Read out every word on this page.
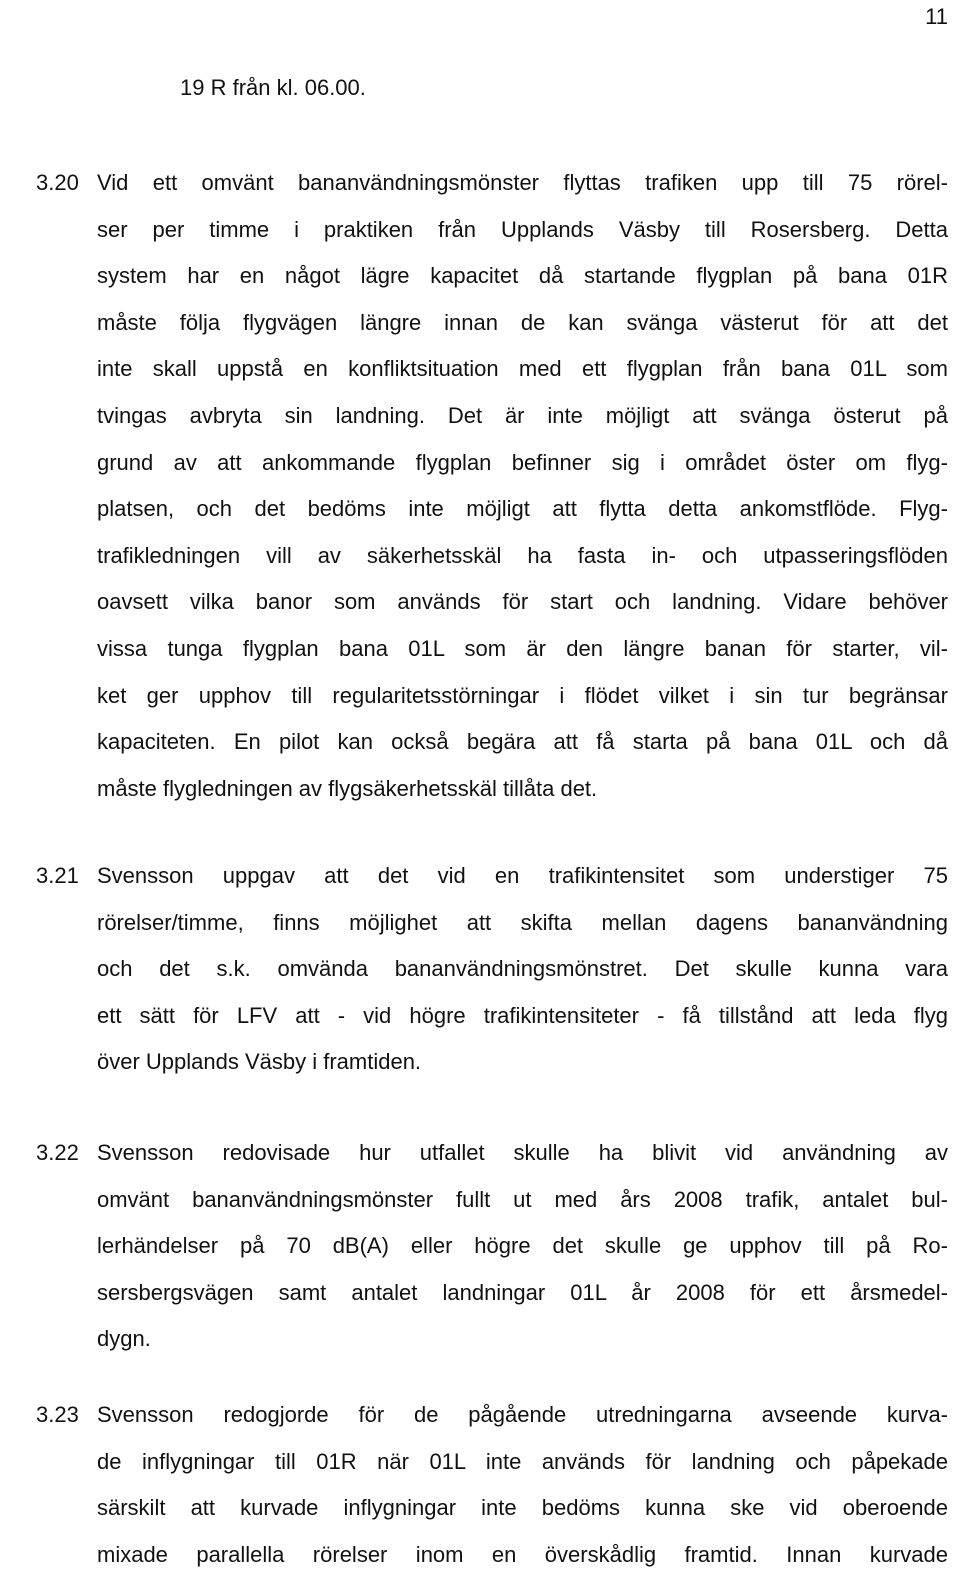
11
19 R från kl. 06.00.
3.20 Vid ett omvänt bananvändningsmönster flyttas trafiken upp till 75 rörel-
ser per timme i praktiken från Upplands Väsby till Rosersberg. Detta
system har en något lägre kapacitet då startande flygplan på bana 01R
måste följa flygvägen längre innan de kan svänga västerut för att det
inte skall uppstå en konfliktsituation med ett flygplan från bana 01L som
tvingas avbryta sin landning. Det är inte möjligt att svänga österut på
grund av att ankommande flygplan befinner sig i området öster om flyg-
platsen, och det bedöms inte möjligt att flytta detta ankomstflöde. Flyg-
trafikledningen vill av säkerhetsskäl ha fasta in- och utpasseringsflöden
oavsett vilka banor som används för start och landning. Vidare behöver
vissa tunga flygplan bana 01L som är den längre banan för starter, vil-
ket ger upphov till regularitetsstörningar i flödet vilket i sin tur begränsar
kapaciteten. En pilot kan också begära att få starta på bana 01L och då
måste flygledningen av flygsäkerhetsskäl tillåta det.
3.21 Svensson uppgav att det vid en trafikintensitet som understiger 75
rörelser/timme, finns möjlighet att skifta mellan dagens bananvändning
och det s.k. omvända bananvändningsmönstret. Det skulle kunna vara
ett sätt för LFV att - vid högre trafikintensiteter - få tillstånd att leda flyg
över Upplands Väsby i framtiden.
3.22 Svensson redovisade hur utfallet skulle ha blivit vid användning av
omvänt bananvändningsmönster fullt ut med års 2008 trafik, antalet bul-
lerhändelser på 70 dB(A) eller högre det skulle ge upphov till på Ro-
sersbergsvägen samt antalet landningar 01L år 2008 för ett årsmedel-
dygn.
3.23 Svensson redogjorde för de pågående utredningarna avseende kurva-
de inflygningar till 01R när 01L inte används för landning och påpekade
särskilt att kurvade inflygningar inte bedöms kunna ske vid oberoende
mixade parallella rörelser inom en överskådlig framtid. Innan kurvade
